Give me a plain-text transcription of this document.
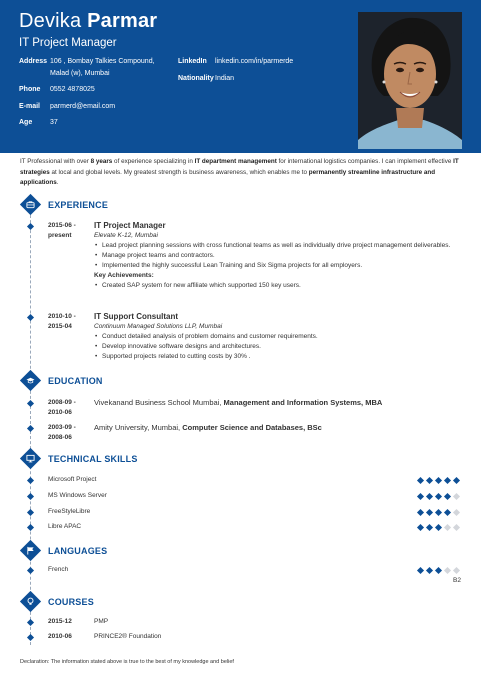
Devika Parmar
IT Project Manager
Address 106 , Bombay Talkies Compound, Malad (w), Mumbai
Phone	0552 4878025
E-mail	parmerd@email.com
Age	37
LinkedIn	linkedin.com/in/parmerde
Nationality Indian
IT Professional with over 8 years of experience specializing in IT department management for international logistics companies. I can implement effective IT strategies at local and global levels. My greatest strength is business awareness, which enables me to permanently streamline infrastructure and applications.
EXPERIENCE
2015-06 -
present
IT Project Manager
Elevate K-12, Mumbai
• Lead project planning sessions with cross functional teams as well as individually drive project management deliverables.
• Manage project teams and contractors.
• Implemented the highly successful Lean Training and Six Sigma projects for all employers.
Key Achievements:
• Created SAP system for new affiliate which supported 150 key users.
2010-10 -
2015-04
IT Support Consultant
Continuum Managed Solutions LLP, Mumbai
• Conduct detailed analysis of problem domains and customer requirements.
• Develop innovative software designs and architectures.
• Supported projects related to cutting costs by 30% .
EDUCATION
2008-09 -
2010-06
Vivekanand Business School Mumbai, Management and Information Systems, MBA
2003-09 -
2008-06
Amity University, Mumbai, Computer Science and Databases, BSc
TECHNICAL SKILLS
Microsoft Project
MS Windows Server
FreeStyleLibre
Libre APAC
LANGUAGES
French
B2
COURSES
2015-12	PMP
2010-06	PRINCE2® Foundation
Declaration: The information stated above is true to the best of my knowledge and belief
